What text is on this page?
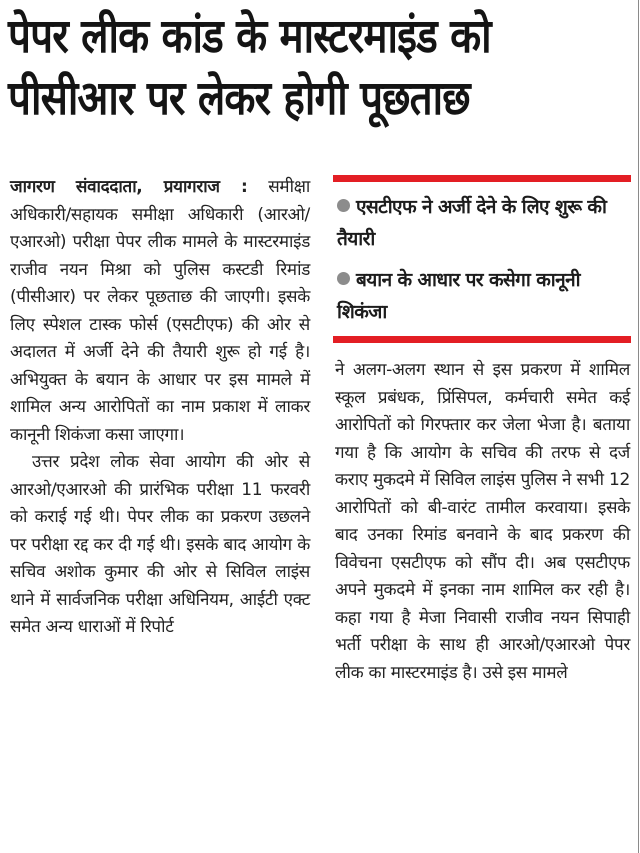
पेपर लीक कांड के मास्टरमाइंड को
पीसीआर पर लेकर होगी पूछताछ

जागरण संवाददाता, प्रयागराज : समीक्षा अधिकारी/सहायक समीक्षा अधिकारी (आरओ/एआरओ) परीक्षा पेपर लीक मामले के मास्टरमाइंड राजीव नयन मिश्रा को पुलिस कस्टडी रिमांड (पीसीआर) पर लेकर पूछताछ की जाएगी। इसके लिए स्पेशल टास्क फोर्स (एसटीएफ) की ओर से अदालत में अर्जी देने की तैयारी शुरू हो गई है। अभियुक्त के बयान के आधार पर इस मामले में शामिल अन्य आरोपितों का नाम प्रकाश में लाकर कानूनी शिकंजा कसा जाएगा।

उत्तर प्रदेश लोक सेवा आयोग की ओर से आरओ/एआरओ की प्रारंभिक परीक्षा 11 फरवरी को कराई गई थी। पेपर लीक का प्रकरण उछलने पर परीक्षा रद्द कर दी गई थी। इसके बाद आयोग के सचिव अशोक कुमार की ओर से सिविल लाइंस थाने में सार्वजनिक परीक्षा अधिनियम, आईटी एक्ट समेत अन्य धाराओं में रिपोर्ट

एसटीएफ ने अर्जी देने के लिए शुरू की तैयारी
बयान के आधार पर कसेगा कानूनी शिकंजा

ने अलग-अलग स्थान से इस प्रकरण में शामिल स्कूल प्रबंधक, प्रिंसिपल, कर्मचारी समेत कई आरोपितों को गिरफ्तार कर जेला भेजा है। बताया गया है कि आयोग के सचिव की तरफ से दर्ज कराए मुकदमे में सिविल लाइंस पुलिस ने सभी 12 आरोपितों को बी-वारंट तामील करवाया। इसके बाद उनका रिमांड बनवाने के बाद प्रकरण की विवेचना एसटीएफ को सौंप दी। अब एसटीएफ अपने मुकदमे में इनका नाम शामिल कर रही है। कहा गया है मेजा निवासी राजीव नयन सिपाही भर्ती परीक्षा के साथ ही आरओ/एआरओ पेपर लीक का मास्टरमाइंड है। उसे इस मामले
